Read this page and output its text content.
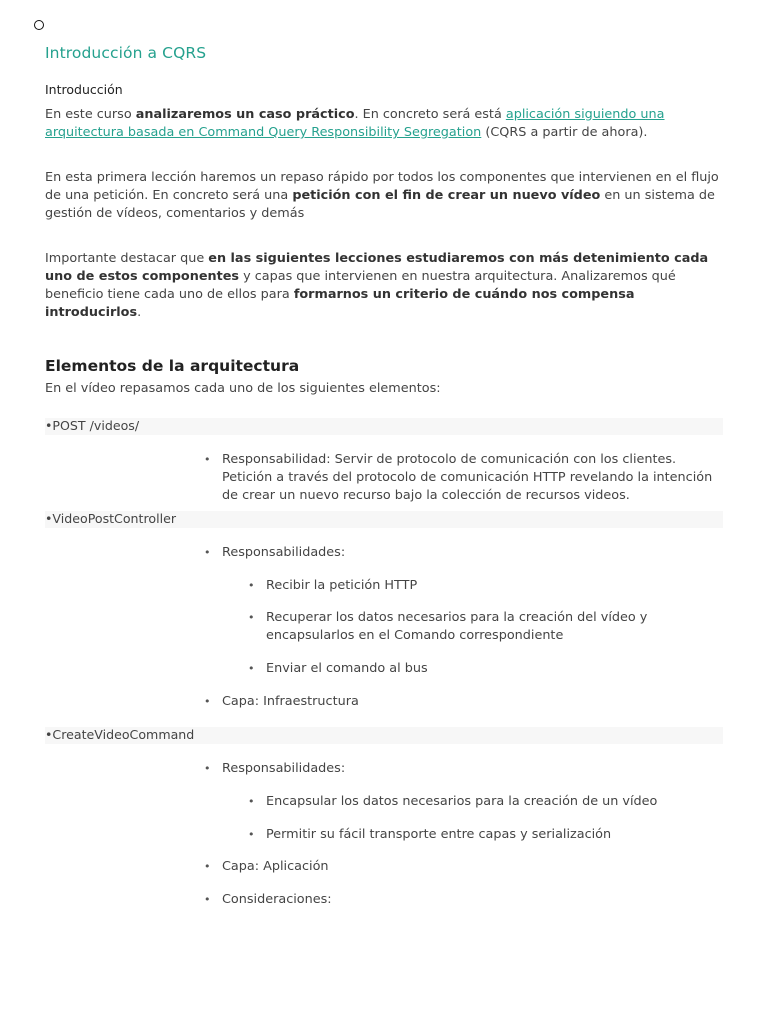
Introducción a CQRS
Introducción

En este curso analizaremos un caso práctico. En concreto será está aplicación siguiendo una arquitectura basada en Command Query Responsibility Segregation (CQRS a partir de ahora).

En esta primera lección haremos un repaso rápido por todos los componentes que intervienen en el flujo de una petición. En concreto será una petición con el fin de crear un nuevo vídeo en un sistema de gestión de vídeos, comentarios y demás

Importante destacar que en las siguientes lecciones estudiaremos con más detenimiento cada uno de estos componentes y capas que intervienen en nuestra arquitectura. Analizaremos qué beneficio tiene cada uno de ellos para formarnos un criterio de cuándo nos compensa introducirlos.

Elementos de la arquitectura

En el vídeo repasamos cada uno de los siguientes elementos:

•POST /videos/
• Responsabilidad: Servir de protocolo de comunicación con los clientes. Petición a través del protocolo de comunicación HTTP revelando la intención de crear un nuevo recurso bajo la colección de recursos videos.
•VideoPostController
• Responsabilidades:
• Recibir la petición HTTP
• Recuperar los datos necesarios para la creación del vídeo y encapsularlos en el Comando correspondiente
• Enviar el comando al bus
• Capa: Infraestructura
•CreateVideoCommand
• Responsabilidades:
• Encapsular los datos necesarios para la creación de un vídeo
• Permitir su fácil transporte entre capas y serialización
• Capa: Aplicación
• Consideraciones:
